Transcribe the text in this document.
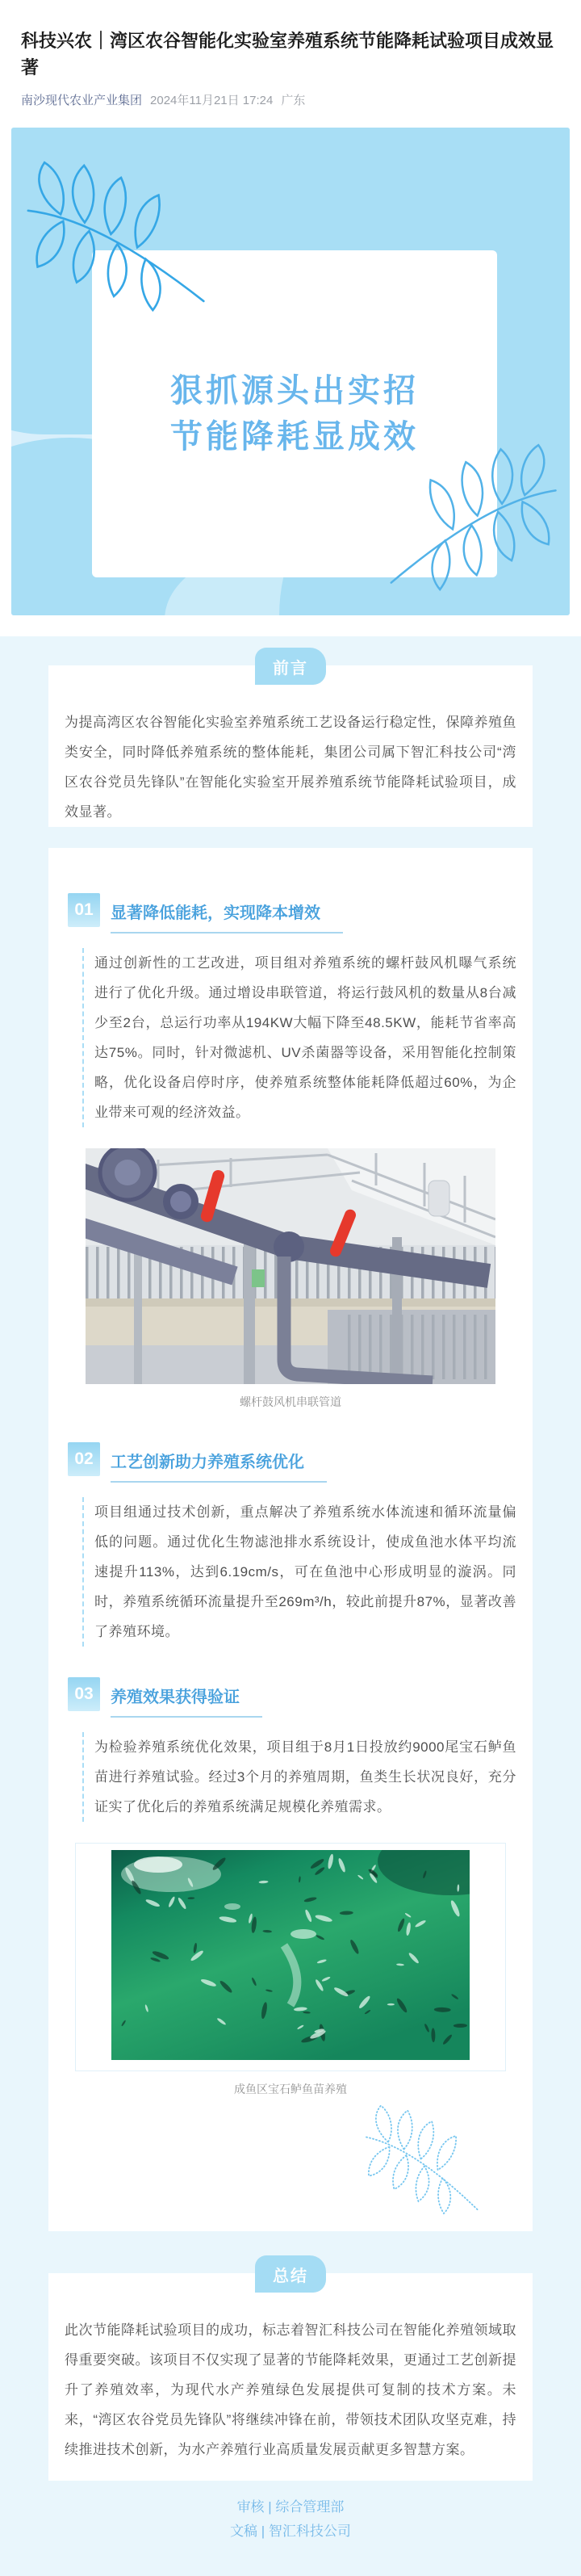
科技兴农｜湾区农谷智能化实验室养殖系统节能降耗试验项目成效显著
南沙现代农业产业集团 2024年11月21日 17:24 广东
狠抓源头出实招
节能降耗显成效
前言

为提高湾区农谷智能化实验室养殖系统工艺设备运行稳定性，保障养殖鱼类安全，同时降低养殖系统的整体能耗，集团公司属下智汇科技公司“湾区农谷党员先锋队”在智能化实验室开展养殖系统节能降耗试验项目，成效显著。

01	显著降低能耗，实现降本增效

通过创新性的工艺改进，项目组对养殖系统的螺杆鼓风机曝气系统进行了优化升级。通过增设串联管道，将运行鼓风机的数量从8台减少至2台，总运行功率从194KW大幅下降至48.5KW，能耗节省率高达75%。同时，针对微滤机、UV杀菌器等设备，采用智能化控制策略，优化设备启停时序，使养殖系统整体能耗降低超过60%，为企业带来可观的经济效益。

螺杆鼓风机串联管道
02	工艺创新助力养殖系统优化

项目组通过技术创新，重点解决了养殖系统水体流速和循环流量偏低的问题。通过优化生物滤池排水系统设计，使成鱼池水体平均流速提升113%，达到6.19cm/s，可在鱼池中心形成明显的漩涡。同时，养殖系统循环流量提升至269m³/h，较此前提升87%，显著改善了养殖环境。

03	养殖效果获得验证

为检验养殖系统优化效果，项目组于8月1日投放约9000尾宝石鲈鱼苗进行养殖试验。经过3个月的养殖周期，鱼类生长状况良好，充分证实了优化后的养殖系统满足规模化养殖需求。

成鱼区宝石鲈鱼苗养殖
总结

此次节能降耗试验项目的成功，标志着智汇科技公司在智能化养殖领域取得重要突破。该项目不仅实现了显著的节能降耗效果，更通过工艺创新提升了养殖效率，为现代水产养殖绿色发展提供可复制的技术方案。未来，“湾区农谷党员先锋队”将继续冲锋在前，带领技术团队攻坚克难，持续推进技术创新，为水产养殖行业高质量发展贡献更多智慧方案。

审核 | 综合管理部
文稿 | 智汇科技公司
